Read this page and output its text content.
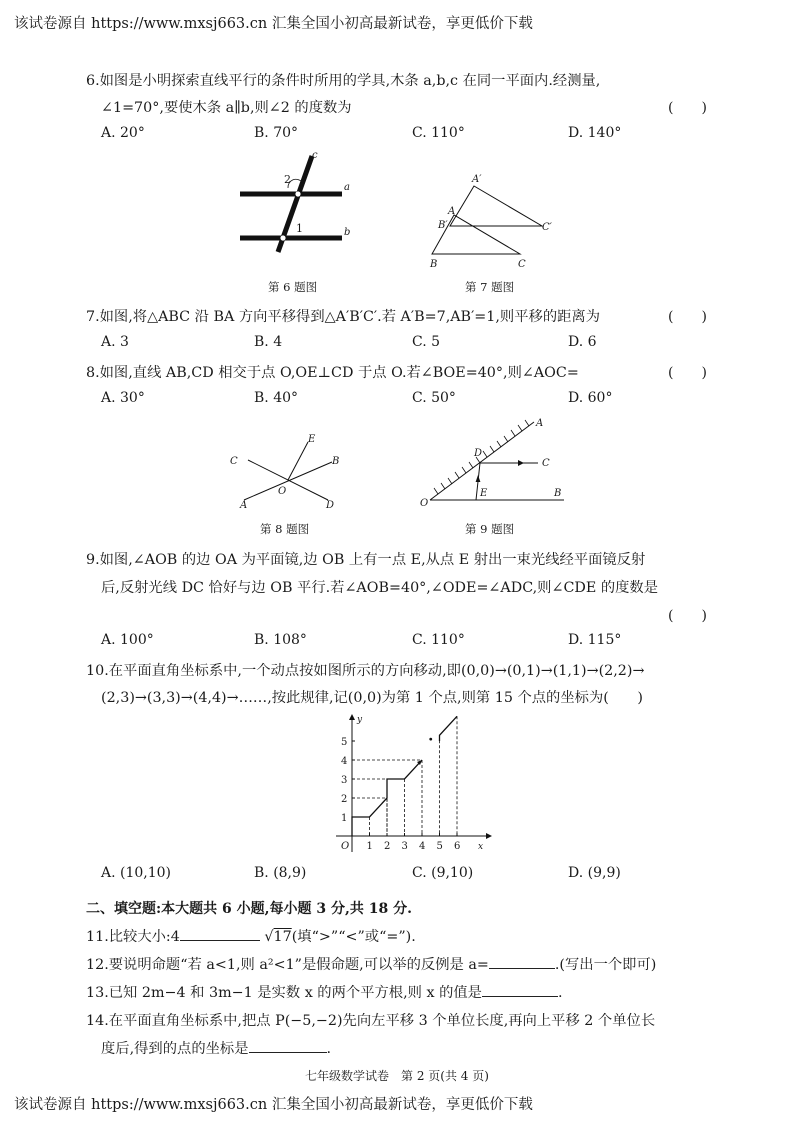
该试卷源自 https://www.mxsj663.cn 汇集全国小初高最新试卷，享更低价下载
6.如图是小明探索直线平行的条件时所用的学具,木条 a,b,c 在同一平面内.经测量,
∠1=70°,要使木条 a∥b,则∠2 的度数为	(　　)
A. 20°	B. 70°	C. 110°	D. 140°
2
1
a
b
c
第 6 题图
A′
A
B′	C′
B	C
第 7 题图
7.如图,将△ABC 沿 BA 方向平移得到△A′B′C′.若 A′B=7,AB′=1,则平移的距离为	(　　)
A. 3	B. 4	C. 5	D. 6
8.如图,直线 AB,CD 相交于点 O,OE⊥CD 于点 O.若∠BOE=40°,则∠AOC=	(　　)
A. 30°	B. 40°	C. 50°	D. 60°
C
E
B
O
D
A
第 8 题图
D
A
C
E
O
B
第 9 题图
9.如图,∠AOB 的边 OA 为平面镜,边 OB 上有一点 E,从点 E 射出一束光线经平面镜反射
后,反射光线 DC 恰好与边 OB 平行.若∠AOB=40°,∠ODE=∠ADC,则∠CDE 的度数是
(　　)
A. 100°	B. 108°	C. 110°	D. 115°
10.在平面直角坐标系中,一个动点按如图所示的方向移动,即(0,0)→(0,1)→(1,1)→(2,2)→
(2,3)→(3,3)→(4,4)→……,按此规律,记(0,0)为第 1 个点,则第 15 个点的坐标为(　　)
y
x
O 1 2 3 4 5 6
1
2
3
4
5
A. (10,10)	B. (8,9)	C. (9,10)	D. (9,9)
二、填空题:本大题共 6 小题,每小题 3 分,共 18 分.
11.比较大小:4	√17(填“>”“<”或“=”).
12.要说明命题“若 a<1,则 a²<1”是假命题,可以举的反例是 a=	.(写出一个即可)
13.已知 2m−4 和 3m−1 是实数 x 的两个平方根,则 x 的值是	.
14.在平面直角坐标系中,把点 P(−5,−2)先向左平移 3 个单位长度,再向上平移 2 个单位长
度后,得到的点的坐标是	.
七年级数学试卷　第 2 页(共 4 页)
该试卷源自 https://www.mxsj663.cn 汇集全国小初高最新试卷，享更低价下载
